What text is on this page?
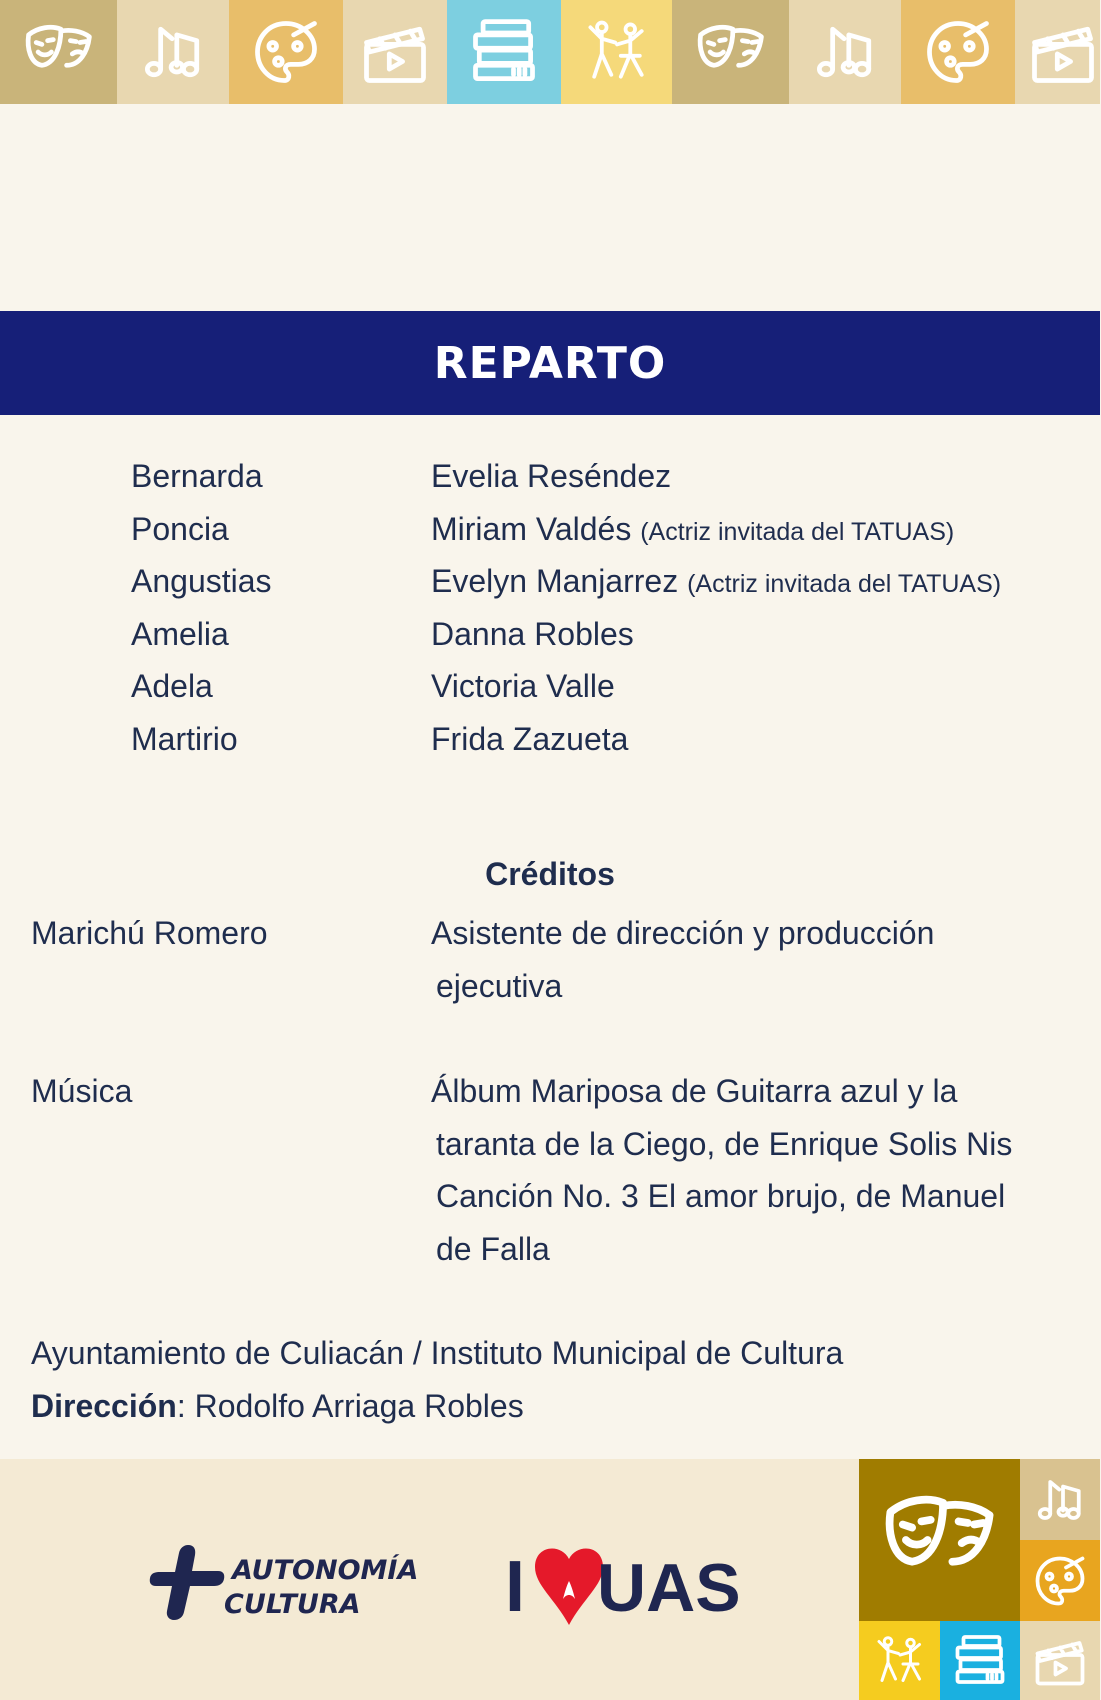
REPARTO
Bernarda	Evelia Reséndez
Poncia	Miriam Valdés (Actriz invitada del TATUAS)
Angustias	Evelyn Manjarrez (Actriz invitada del TATUAS)
Amelia	Danna Robles
Adela	Victoria Valle
Martirio	Frida Zazueta
Créditos
Marichú Romero	Asistente de dirección y producción
ejecutiva
Música	Álbum Mariposa de Guitarra azul y la
taranta de la Ciego, de Enrique Solis Nis
Canción No. 3 El amor brujo, de Manuel
de Falla
Ayuntamiento de Culiacán / Instituto Municipal de Cultura
Dirección: Rodolfo Arriaga Robles
AUTONOMÍA
CULTURA I UAS
